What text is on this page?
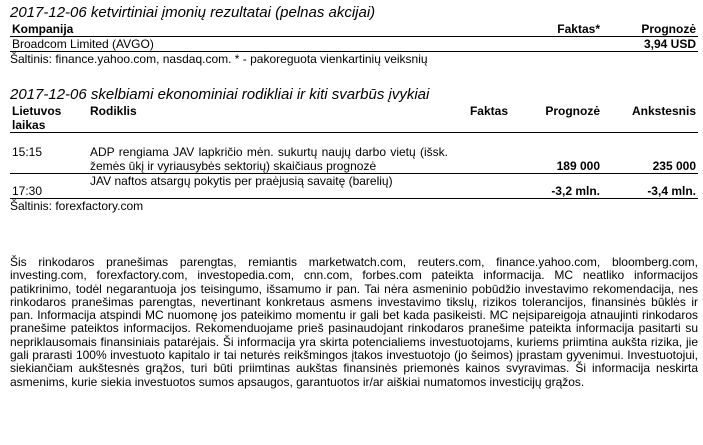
2017-12-06 ketvirtiniai įmonių rezultatai (pelnas akcijai)
Kompanija	Faktas*	Prognozė
Broadcom Limited (AVGO)		3,94 USD

Šaltinis: finance.yahoo.com, nasdaq.com. * - pakoreguota vienkartinių veiksnių

2017-12-06 skelbiami ekonominiai rodikliai ir kiti svarbūs įvykiai
Lietuvos laikas	Rodiklis	Faktas	Prognozė	Ankstesnis
15:15	ADP rengiama JAV lapkričio mėn. sukurtų naujų darbo vietų (išsk. žemės ūkį ir vyriausybės sektorių) skaičiaus prognozė		189 000	235 000
17:30	JAV naftos atsargų pokytis per praėjusią savaitę (barelių)		-3,2 mln.	-3,4 mln.

Šaltinis: forexfactory.com

Šis rinkodaros pranešimas parengtas, remiantis marketwatch.com, reuters.com, finance.yahoo.com, bloomberg.com, investing.com, forexfactory.com, investopedia.com, cnn.com, forbes.com pateikta informacija. MC neatlikо informacijos patikrinimo, todėl negarantuoja jos teisingumo, išsamumo ir pan. Tai nėra asmeninio pobūdžio investavimo rekomendacija, nes rinkodaros pranešimas parengtas, nevertinant konkretaus asmens investavimo tikslų, rizikos tolerancijos, finansinės būklės ir pan. Informacija atspindi MC nuomonę jos pateikimo momentu ir gali bet kada pasikeisti. MC neįsipareigoja atnaujinti rinkodaros pranešime pateiktos informacijos. Rekomenduojame prieš pasinaudojant rinkodaros pranešime pateikta informacija pasitarti su nepriklausomais finansiniais patarėjais. Ši informacija yra skirta potencialiems investuotojams, kuriems priimtina aukšta rizika, jie gali prarasti 100% investuoto kapitalo ir tai neturės reikšmingos įtakos investuotojo (jo šeimos) įprastam gyvenimui. Investuotojui, siekiančiam aukštesnės grąžos, turi būti priimtinas aukštas finansinės priemonės kainos svyravimas. Ši informacija neskirta asmenims, kurie siekia investuotos sumos apsaugos, garantuotos ir/ar aiškiai numatomos investicijų grąžos.
